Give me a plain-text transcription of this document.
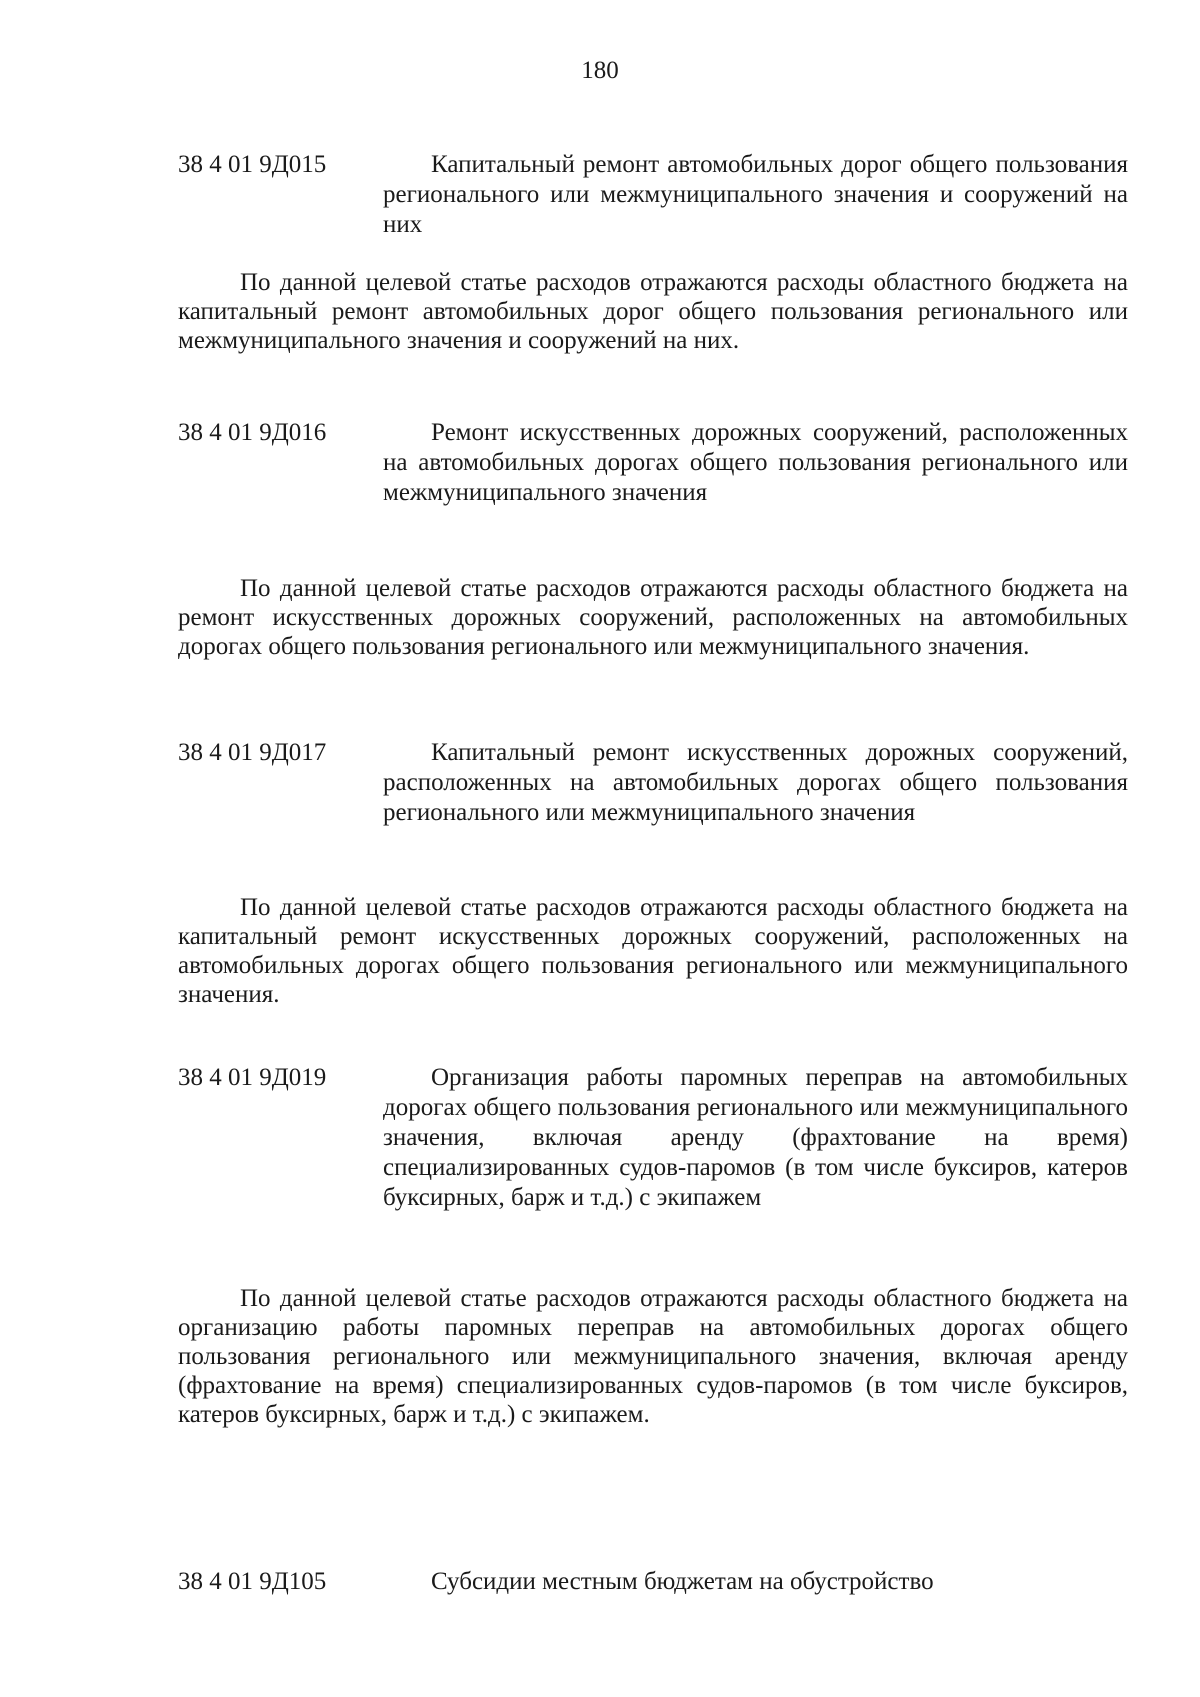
180
38 4 01 9Д015	Капитальный ремонт автомобильных дорог общего пользования регионального или межмуниципального значения и сооружений на них
По данной целевой статье расходов отражаются расходы областного бюджета на капитальный ремонт автомобильных дорог общего пользования регионального или межмуниципального значения и сооружений на них.
38 4 01 9Д016	Ремонт искусственных дорожных сооружений, расположенных на автомобильных дорогах общего пользования регионального или межмуниципального значения
По данной целевой статье расходов отражаются расходы областного бюджета на ремонт искусственных дорожных сооружений, расположенных на автомобильных дорогах общего пользования регионального или межмуниципального значения.
38 4 01 9Д017	Капитальный ремонт искусственных дорожных сооружений, расположенных на автомобильных дорогах общего пользования регионального или межмуниципального значения
По данной целевой статье расходов отражаются расходы областного бюджета на капитальный ремонт искусственных дорожных сооружений, расположенных на автомобильных дорогах общего пользования регионального или межмуниципального значения.
38 4 01 9Д019	Организация работы паромных переправ на автомобильных дорогах общего пользования регионального или межмуниципального значения, включая аренду (фрахтование на время) специализированных судов-паромов (в том числе буксиров, катеров буксирных, барж и т.д.) с экипажем
По данной целевой статье расходов отражаются расходы областного бюджета на организацию работы паромных переправ на автомобильных дорогах общего пользования регионального или межмуниципального значения, включая аренду (фрахтование на время) специализированных судов-паромов (в том числе буксиров, катеров буксирных, барж и т.д.) с экипажем.
38 4 01 9Д105	Субсидии местным бюджетам на обустройство
